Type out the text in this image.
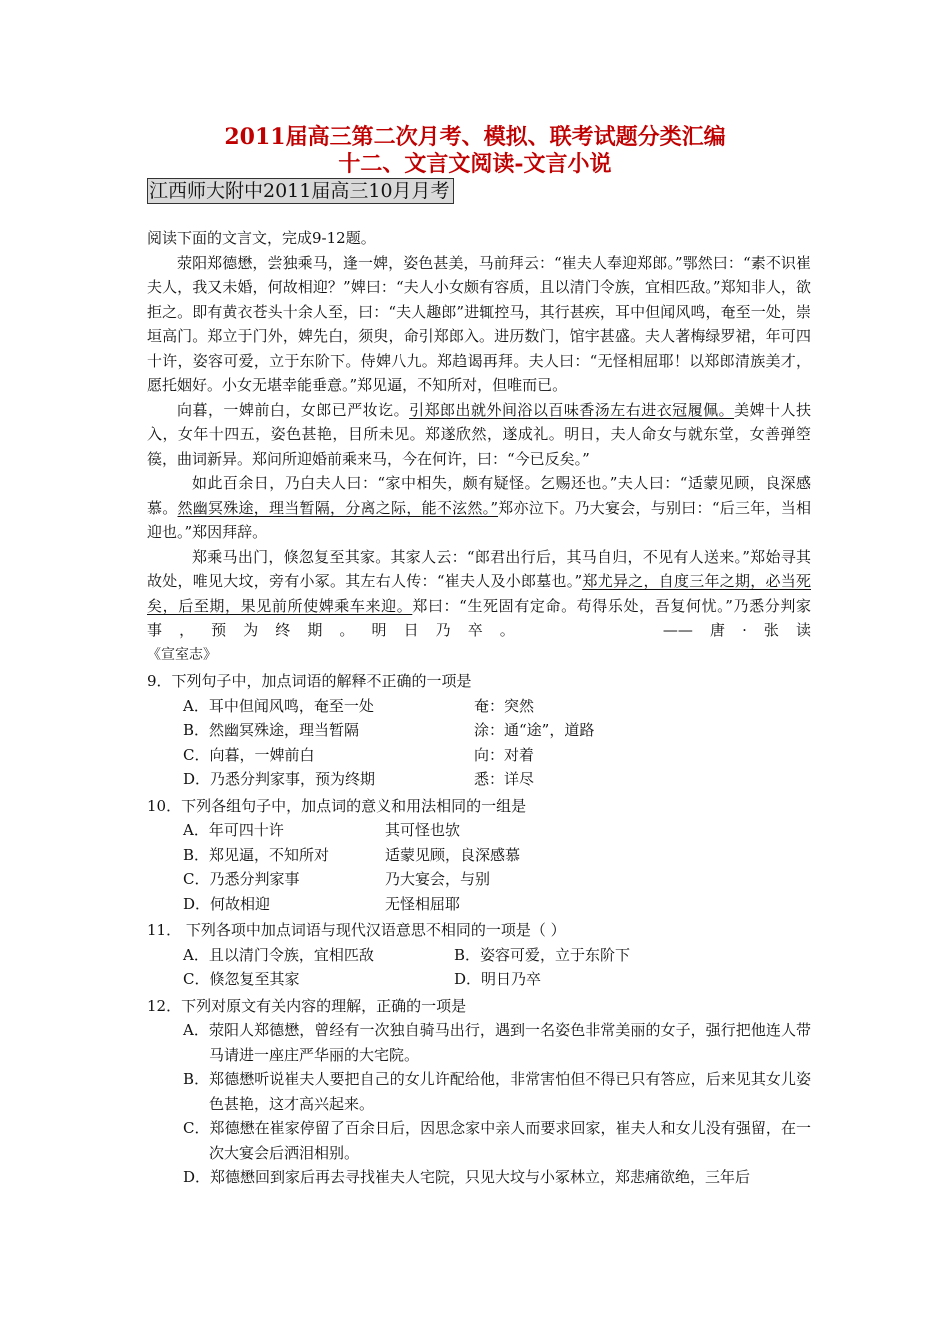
2011届高三第二次月考、模拟、联考试题分类汇编
十二、文言文阅读-文言小说
江西师大附中2011届高三10月月考

阅读下面的文言文，完成9-12题。

荥阳郑德懋，尝独乘马，逢一婢，姿色甚美，马前拜云：“崔夫人奉迎郑郎。”鄂然曰：“素不识崔夫人，我又未婚，何故相迎？”婢曰：“夫人小女颇有容质，且以清门令族，宜相匹敌。”郑知非人，欲拒之。即有黄衣苍头十余人至，曰：“夫人趣郎”进辄控马，其行甚疾，耳中但闻风鸣，奄至一处，崇垣高门。郑立于门外，婢先白，须臾，命引郑郎入。进历数门，馆宇甚盛。夫人著梅绿罗裙，年可四十许，姿容可爱，立于东阶下。侍婢八九。郑趋谒再拜。夫人曰：“无怪相屈耶！以郑郎清族美才，愿托姻好。小女无堪幸能垂意。”郑见逼，不知所对，但唯而已。

向暮，一婢前白，女郎已严妆讫。引郑郎出就外间浴以百味香汤左右进衣冠履佩。美婢十人扶入，女年十四五，姿色甚艳，目所未见。郑遂欣然，遂成礼。明日，夫人命女与就东堂，女善弹箜篌，曲词新异。郑问所迎婚前乘来马，今在何许，曰：“今已反矣。”

如此百余日，乃白夫人曰：“家中相失，颇有疑怪。乞赐还也。”夫人曰：“适蒙见顾，良深感慕。然幽冥殊途，理当暂隔，分离之际，能不泫然。”郑亦泣下。乃大宴会，与别曰：“后三年，当相迎也。”郑因拜辞。

郑乘马出门，倏忽复至其家。其家人云：“郎君出行后，其马自归，不见有人送来。”郑始寻其故处，唯见大坟，旁有小冢。其左右人传：“崔夫人及小郎墓也。”郑尤异之，自度三年之期，必当死矣，后至期，果见前所使婢乘车来迎。郑曰：“生死固有定命。苟得乐处，吾复何忧。”乃悉分判家事，预为终期。明日乃卒。	——唐·张读

《宣室志》

9．下列句子中，加点词语的解释不正确的一项是
A．耳中但闻风鸣，奄至一处	奄：突然
B．然幽冥殊途，理当暂隔	涂：通“途”，道路
C．向暮，一婢前白	向：对着
D．乃悉分判家事，预为终期	悉：详尽
10．下列各组句子中，加点词的意义和用法相同的一组是
A．年可四十许	其可怪也欤
B．郑见逼，不知所对	适蒙见顾，良深感慕
C．乃悉分判家事	乃大宴会，与别
D．何故相迎	无怪相屈耶
11． 下列各项中加点词语与现代汉语意思不相同的一项是（ ）
A．且以清门令族，宜相匹敌	B．姿容可爱，立于东阶下
C．倏忽复至其家	D．明日乃卒
12．下列对原文有关内容的理解，正确的一项是
A．荥阳人郑德懋，曾经有一次独自骑马出行，遇到一名姿色非常美丽的女子，强行把他连人带马请进一座庄严华丽的大宅院。
B．郑德懋听说崔夫人要把自己的女儿许配给他，非常害怕但不得已只有答应，后来见其女儿姿色甚艳，这才高兴起来。
C．郑德懋在崔家停留了百余日后，因思念家中亲人而要求回家，崔夫人和女儿没有强留，在一次大宴会后洒泪相别。
D．郑德懋回到家后再去寻找崔夫人宅院，只见大坟与小冢林立，郑悲痛欲绝，三年后
